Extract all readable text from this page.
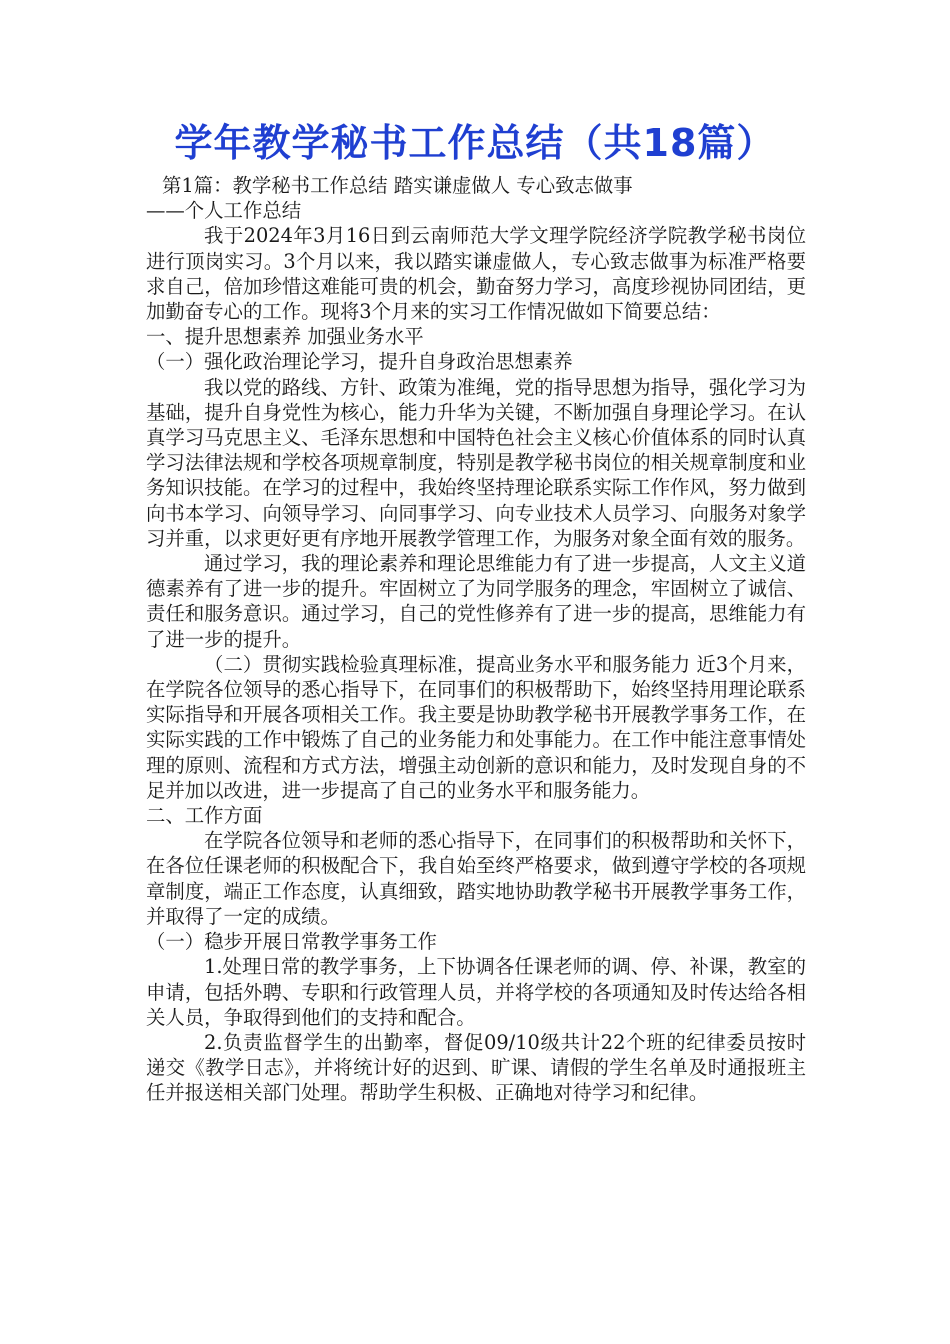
学年教学秘书工作总结（共18篇）

第1篇：教学秘书工作总结 踏实谦虚做人 专心致志做事

——个人工作总结

我于2024年3月16日到云南师范大学文理学院经济学院教学秘书岗位进行顶岗实习。3个月以来，我以踏实谦虚做人，专心致志做事为标准严格要求自己，倍加珍惜这难能可贵的机会，勤奋努力学习，高度珍视协同团结，更加勤奋专心的工作。现将3个月来的实习工作情况做如下简要总结：

一、提升思想素养 加强业务水平

（一）强化政治理论学习，提升自身政治思想素养

我以党的路线、方针、政策为准绳，党的指导思想为指导，强化学习为基础，提升自身党性为核心，能力升华为关键，不断加强自身理论学习。在认真学习马克思主义、毛泽东思想和中国特色社会主义核心价值体系的同时认真学习法律法规和学校各项规章制度，特别是教学秘书岗位的相关规章制度和业务知识技能。在学习的过程中，我始终坚持理论联系实际工作作风，努力做到向书本学习、向领导学习、向同事学习、向专业技术人员学习、向服务对象学习并重，以求更好更有序地开展教学管理工作，为服务对象全面有效的服务。

通过学习，我的理论素养和理论思维能力有了进一步提高，人文主义道德素养有了进一步的提升。牢固树立了为同学服务的理念，牢固树立了诚信、责任和服务意识。通过学习，自己的党性修养有了进一步的提高，思维能力有了进一步的提升。

（二）贯彻实践检验真理标准，提高业务水平和服务能力 近3个月来，在学院各位领导的悉心指导下，在同事们的积极帮助下，始终坚持用理论联系实际指导和开展各项相关工作。我主要是协助教学秘书开展教学事务工作，在实际实践的工作中锻炼了自己的业务能力和处事能力。在工作中能注意事情处理的原则、流程和方式方法，增强主动创新的意识和能力，及时发现自身的不足并加以改进，进一步提高了自己的业务水平和服务能力。

二、工作方面

在学院各位领导和老师的悉心指导下，在同事们的积极帮助和关怀下，在各位任课老师的积极配合下，我自始至终严格要求，做到遵守学校的各项规章制度，端正工作态度，认真细致，踏实地协助教学秘书开展教学事务工作，并取得了一定的成绩。

（一）稳步开展日常教学事务工作

1.处理日常的教学事务，上下协调各任课老师的调、停、补课，教室的申请，包括外聘、专职和行政管理人员，并将学校的各项通知及时传达给各相关人员，争取得到他们的支持和配合。

2.负责监督学生的出勤率，督促09/10级共计22个班的纪律委员按时递交《教学日志》，并将统计好的迟到、旷课、请假的学生名单及时通报班主任并报送相关部门处理。帮助学生积极、正确地对待学习和纪律。
